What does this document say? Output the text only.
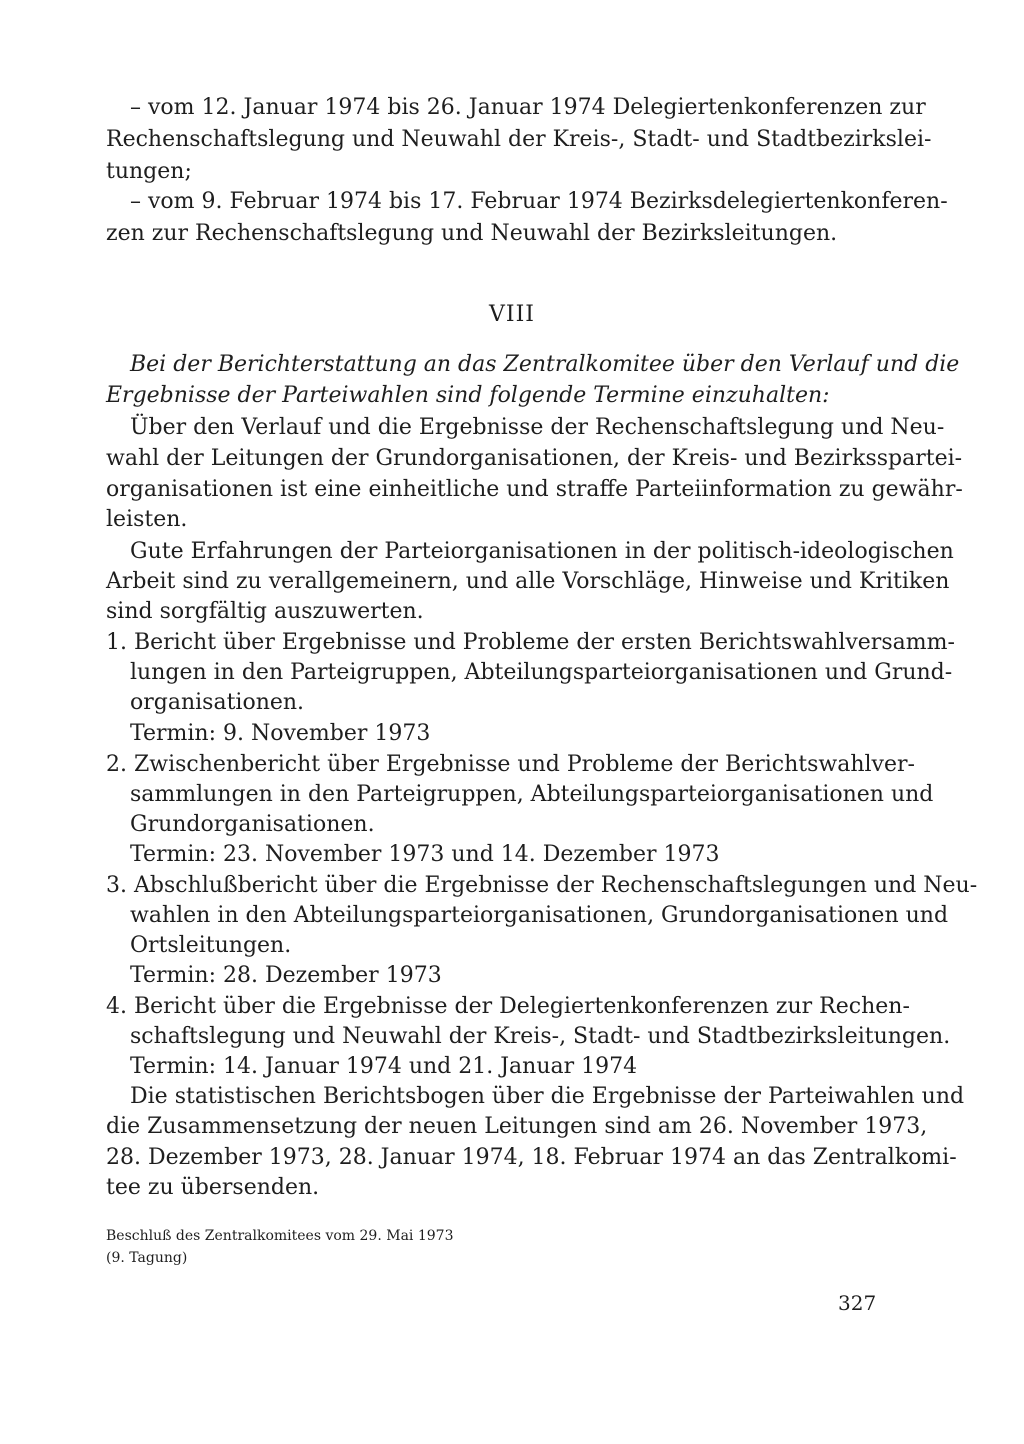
– vom 12. Januar 1974 bis 26. Januar 1974 Delegiertenkonferenzen zur
Rechenschaftslegung und Neuwahl der Kreis-, Stadt- und Stadtbezirkslei-
tungen;
– vom 9. Februar 1974 bis 17. Februar 1974 Bezirksdelegiertenkonferen-
zen zur Rechenschaftslegung und Neuwahl der Bezirksleitungen.
VIII
Bei der Berichterstattung an das Zentralkomitee über den Verlauf und die
Ergebnisse der Parteiwahlen sind folgende Termine einzuhalten:
Über den Verlauf und die Ergebnisse der Rechenschaftslegung und Neu-
wahl der Leitungen der Grundorganisationen, der Kreis- und Bezirksspartei-
organisationen ist eine einheitliche und straffe Parteiinformation zu gewähr-
leisten.
Gute Erfahrungen der Parteiorganisationen in der politisch-ideologischen
Arbeit sind zu verallgemeinern, und alle Vorschläge, Hinweise und Kritiken
sind sorgfältig auszuwerten.
1. Bericht über Ergebnisse und Probleme der ersten Berichtswahlversamm-
lungen in den Parteigruppen, Abteilungsparteiorganisationen und Grund-
organisationen.
Termin: 9. November 1973
2. Zwischenbericht über Ergebnisse und Probleme der Berichtswahlver-
sammlungen in den Parteigruppen, Abteilungsparteiorganisationen und
Grundorganisationen.
Termin: 23. November 1973 und 14. Dezember 1973
3. Abschlußbericht über die Ergebnisse der Rechenschaftslegungen und Neu-
wahlen in den Abteilungsparteiorganisationen, Grundorganisationen und
Ortsleitungen.
Termin: 28. Dezember 1973
4. Bericht über die Ergebnisse der Delegiertenkonferenzen zur Rechen-
schaftslegung und Neuwahl der Kreis-, Stadt- und Stadtbezirksleitungen.
Termin: 14. Januar 1974 und 21. Januar 1974
Die statistischen Berichtsbogen über die Ergebnisse der Parteiwahlen und
die Zusammensetzung der neuen Leitungen sind am 26. November 1973,
28. Dezember 1973, 28. Januar 1974, 18. Februar 1974 an das Zentralkomi-
tee zu übersenden.
Beschluß des Zentralkomitees vom 29. Mai 1973
(9. Tagung)
327
